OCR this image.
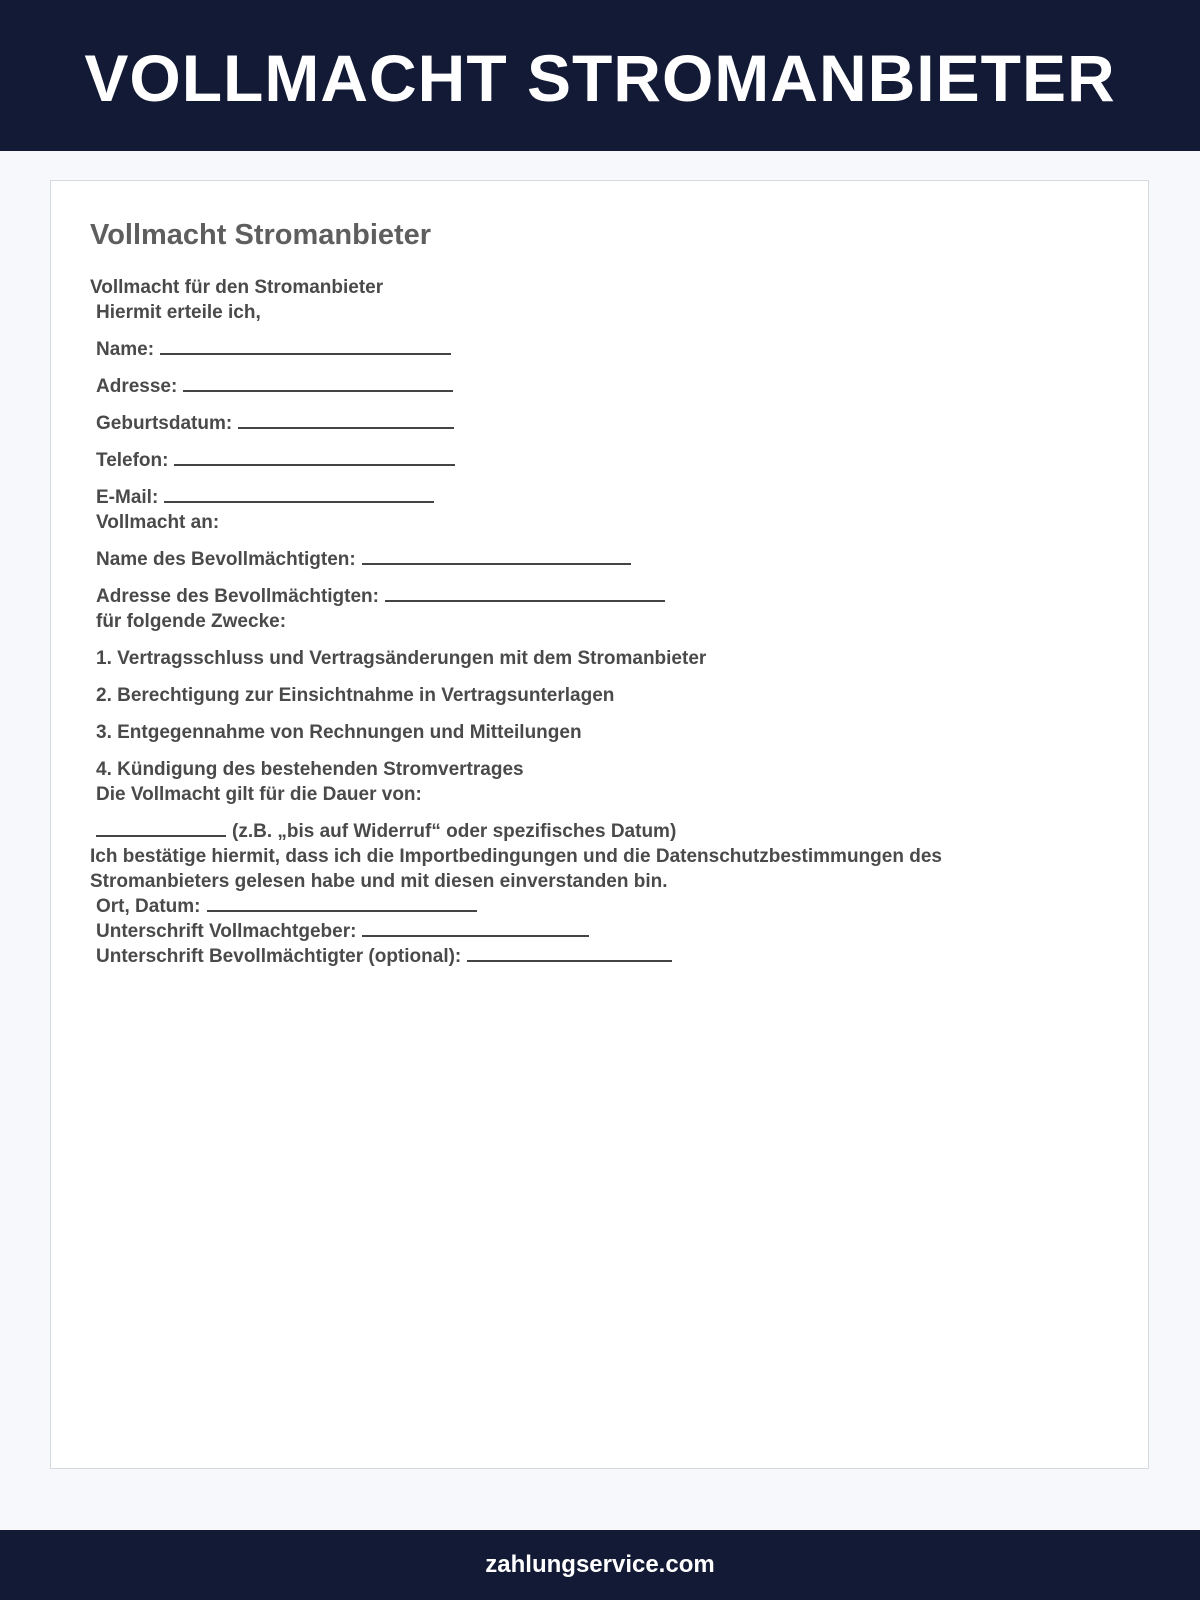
VOLLMACHT STROMANBIETER
Vollmacht Stromanbieter
Vollmacht für den Stromanbieter
Hiermit erteile ich,
Name:
Adresse:
Geburtsdatum:
Telefon:
E-Mail:
Vollmacht an:
Name des Bevollmächtigten:
Adresse des Bevollmächtigten:
für folgende Zwecke:
1. Vertragsschluss und Vertragsänderungen mit dem Stromanbieter
2. Berechtigung zur Einsichtnahme in Vertragsunterlagen
3. Entgegennahme von Rechnungen und Mitteilungen
4. Kündigung des bestehenden Stromvertrages
Die Vollmacht gilt für die Dauer von:
(z.B. „bis auf Widerruf“ oder spezifisches Datum)
Ich bestätige hiermit, dass ich die Importbedingungen und die Datenschutzbestimmungen des
Stromanbieters gelesen habe und mit diesen einverstanden bin.
Ort, Datum:
Unterschrift Vollmachtgeber:
Unterschrift Bevollmächtigter (optional):
zahlungservice.com
